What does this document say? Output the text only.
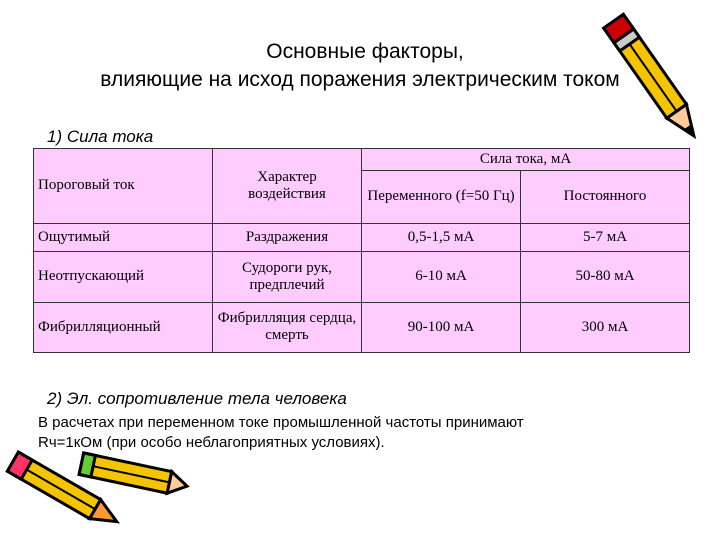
Основные факторы,
влияющие на исход поражения электрическим током
1) Сила тока
Пороговый ток	Характер воздействия	Сила тока, мА	
		Переменного (f=50 Гц)	Постоянного
Ощутимый	Раздражения	0,5-1,5 мА	5-7 мА
Неотпускающий	Судороги рук, предплечий	6-10 мА	50-80 мА
Фибрилляционный	Фибрилляция сердца, смерть	90-100 мА	300 мА
2) Эл. сопротивление тела человека
В расчетах при переменном токе промышленной частоты принимают
Rч=1кОм (при особо неблагоприятных условиях).
